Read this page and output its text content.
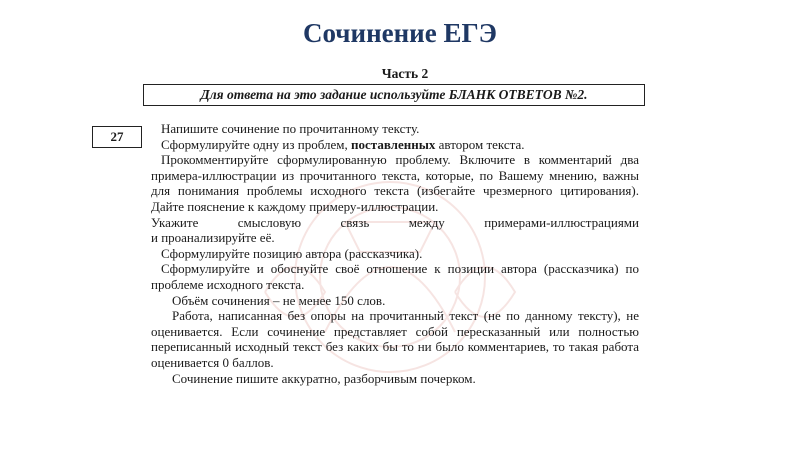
Сочинение ЕГЭ
Часть 2
Для ответа на это задание используйте БЛАНК ОТВЕТОВ №2.
27

Напишите сочинение по прочитанному тексту.

Сформулируйте одну из проблем, поставленных автором текста.

Прокомментируйте сформулированную проблему. Включите в комментарий два примера-иллюстрации из прочитанного текста, которые, по Вашему мнению, важны для понимания проблемы исходного текста (избегайте чрезмерного цитирования). Дайте пояснение к каждому примеру-иллюстрации.

Укажите смысловую связь между примерами-иллюстрациями

и проанализируйте её.

Сформулируйте позицию автора (рассказчика).

Сформулируйте и обоснуйте своё отношение к позиции автора (рассказчика) по проблеме исходного текста.

Объём сочинения – не менее 150 слов.

Работа, написанная без опоры на прочитанный текст (не по данному тексту), не оценивается. Если сочинение представляет собой пересказанный или полностью переписанный исходный текст без каких бы то ни было комментариев, то такая работа оценивается 0 баллов.

Сочинение пишите аккуратно, разборчивым почерком.
